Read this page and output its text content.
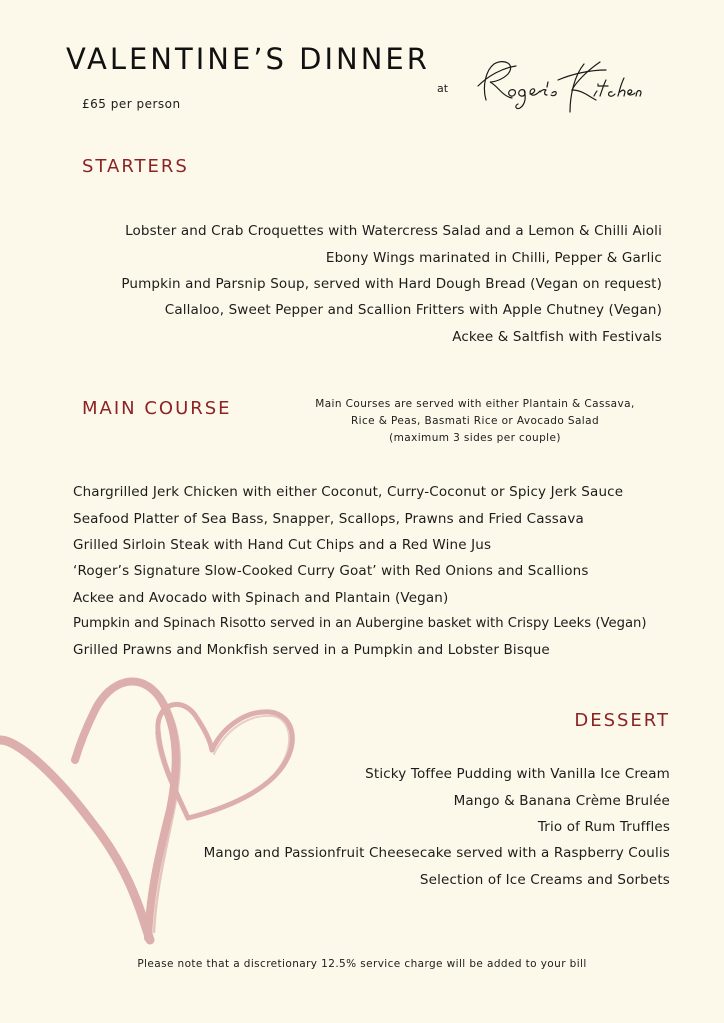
VALENTINE’S DINNER
£65 per person
at
STARTERS
Lobster and Crab Croquettes with Watercress Salad and a Lemon & Chilli Aioli
Ebony Wings marinated in Chilli, Pepper & Garlic
Pumpkin and Parsnip Soup, served with Hard Dough Bread (Vegan on request)
Callaloo, Sweet Pepper and Scallion Fritters with Apple Chutney (Vegan)
Ackee & Saltfish with Festivals
MAIN COURSE	Main Courses are served with either Plantain & Cassava,
Rice & Peas, Basmati Rice or Avocado Salad
(maximum 3 sides per couple)
Chargrilled Jerk Chicken with either Coconut, Curry-Coconut or Spicy Jerk Sauce
Seafood Platter of Sea Bass, Snapper, Scallops, Prawns and Fried Cassava
Grilled Sirloin Steak with Hand Cut Chips and a Red Wine Jus
‘Roger’s Signature Slow-Cooked Curry Goat’ with Red Onions and Scallions
Ackee and Avocado with Spinach and Plantain (Vegan)
Pumpkin and Spinach Risotto served in an Aubergine basket with Crispy Leeks (Vegan)
Grilled Prawns and Monkfish served in a Pumpkin and Lobster Bisque
DESSERT
Sticky Toffee Pudding with Vanilla Ice Cream
Mango & Banana Crème Brulée
Trio of Rum Truffles
Mango and Passionfruit Cheesecake served with a Raspberry Coulis
Selection of Ice Creams and Sorbets
Please note that a discretionary 12.5% service charge will be added to your bill
